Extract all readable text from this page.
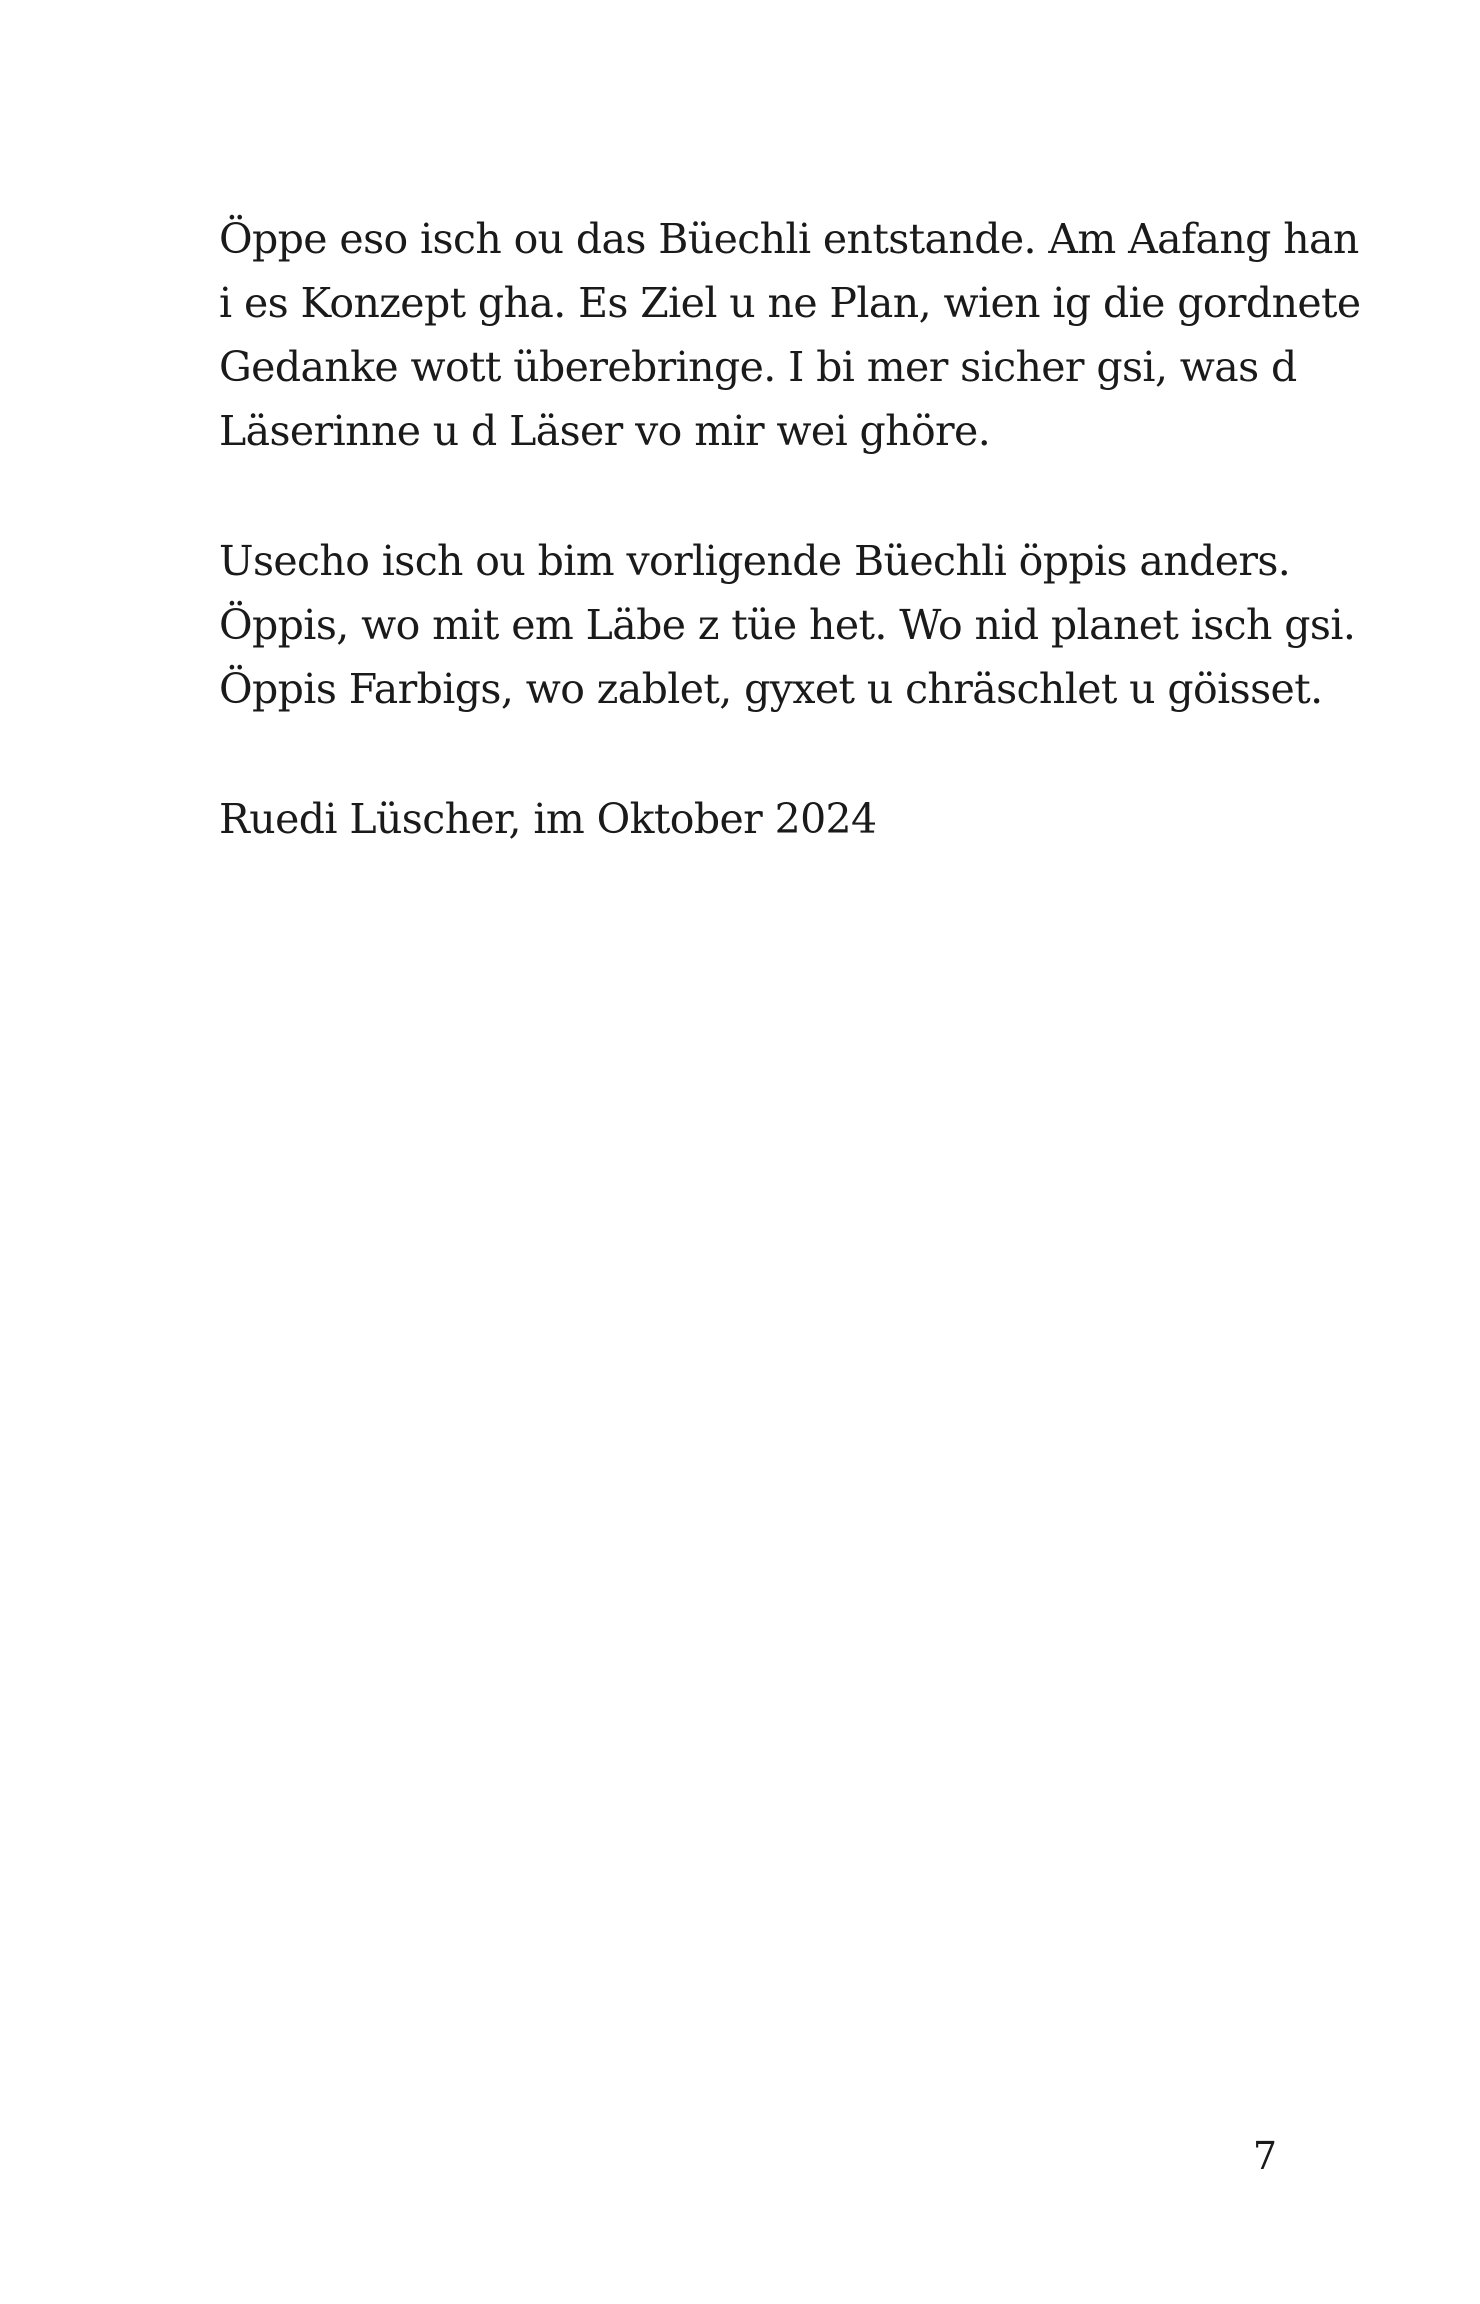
Öppe eso isch ou das Büechli entstande. Am Aafang han
i es Konzept gha. Es Ziel u ne Plan, wien ig die gordnete
Gedanke wott überebringe. I bi mer sicher gsi, was d
Läserinne u d Läser vo mir wei ghöre.
Usecho isch ou bim vorligende Büechli öppis anders.
Öppis, wo mit em Läbe z tüe het. Wo nid planet isch gsi.
Öppis Farbigs, wo zablet, gyxet u chräschlet u göisset.
Ruedi Lüscher, im Oktober 2024
7
